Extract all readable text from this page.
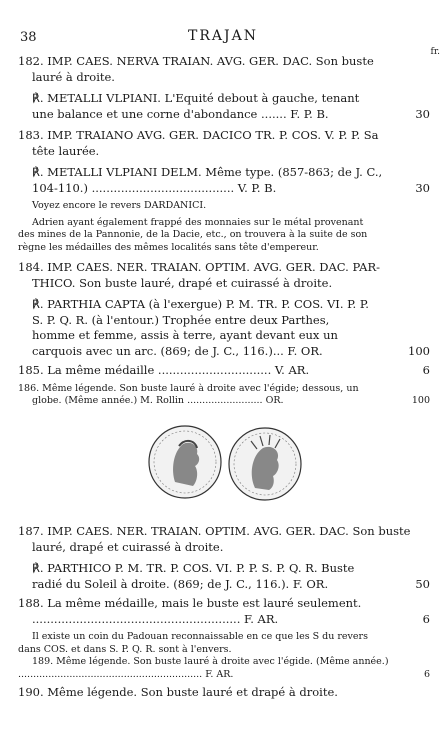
38	TRAJAN
fr.
182. IMP. CAES. NERVA TRAIAN. AVG. GER. DAC. Son buste
lauré à droite.
℟. METALLI VLPIANI. L'Equité debout à gauche, tenant
une balance et une corne d'abondance ....... F. P. B.	30
183. IMP. TRAIANO AVG. GER. DACICO TR. P. COS. V. P. P. Sa
tête laurée.
℟. METALLI VLPIANI DELM. Même type. (857-863; de J. C.,
104-110.) ....................................... V. P. B.	30
Voyez encore le revers DARDANICI.
Adrien ayant également frappé des monnaies sur le métal provenant
des mines de la Pannonie, de la Dacie, etc., on trouvera à la suite de son
règne les médailles des mêmes localités sans tête d'empereur.
184. IMP. CAES. NER. TRAIAN. OPTIM. AVG. GER. DAC. PAR-
THICO. Son buste lauré, drapé et cuirassé à droite.
℟. PARTHIA CAPTA (à l'exergue) P. M. TR. P. COS. VI. P. P.
S. P. Q. R. (à l'entour.) Trophée entre deux Parthes,
homme et femme, assis à terre, ayant devant eux un
carquois avec un arc. (869; de J. C., 116.)... F. OR.	100
185. La même médaille ............................... V. AR.	6
186. Même légende. Son buste lauré à droite avec l'égide; dessous, un
globe. (Même année.) M. Rollin ......................... OR.	100
187. IMP. CAES. NER. TRAIAN. OPTIM. AVG. GER. DAC. Son buste
lauré, drapé et cuirassé à droite.
℟. PARTHICO P. M. TR. P. COS. VI. P. P. S. P. Q. R. Buste
radié du Soleil à droite. (869; de J. C., 116.). F. OR.	50
188. La même médaille, mais le buste est lauré seulement.
......................................................... F. AR.	6
Il existe un coin du Padouan reconnaissable en ce que les S du revers
dans COS. et dans S. P. Q. R. sont à l'envers.
189. Même légende. Son buste lauré à droite avec l'égide. (Même année.)
............................................................. F. AR.	6
190. Même légende. Son buste lauré et drapé à droite.
